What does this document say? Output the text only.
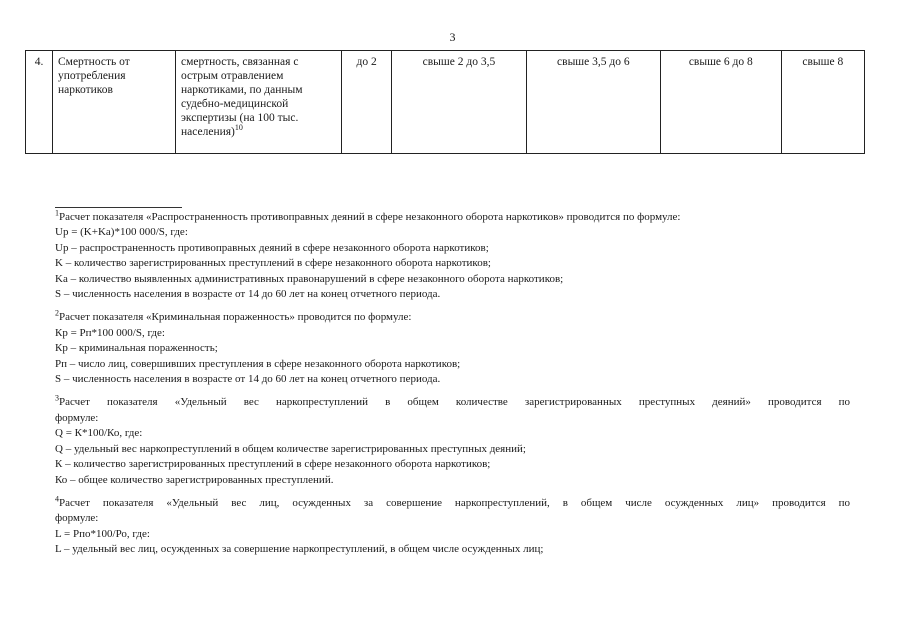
3
4.	Смертность от употребления наркотиков	смертность, связанная с острым отравлением наркотиками, по данным судебно-медицинской экспертизы (на 100 тыс. населения)$^{10}$	до 2	свыше 2 до 3,5	свыше 3,5 до 6	свыше 6 до 8	свыше 8

$^1$Расчет показателя «Распространенность противоправных деяний в сфере незаконного оборота наркотиков» проводится по формуле:

Uр = (K+Ka)*100 000/S, где:

Uр – распространенность противоправных деяний в сфере незаконного оборота наркотиков;

K – количество зарегистрированных преступлений в сфере незаконного оборота наркотиков;

Ka – количество выявленных административных правонарушений в сфере незаконного оборота наркотиков;

S – численность населения в возрасте от 14 до 60 лет на конец отчетного периода.

$^2$Расчет показателя «Криминальная пораженность» проводится по формуле:

Кр = Рп*100 000/S, где:

Кр – криминальная пораженность;

Рп – число лиц, совершивших преступления в сфере незаконного оборота наркотиков;

S – численность населения в возрасте от 14 до 60 лет на конец отчетного периода.

$^3$Расчет показателя «Удельный вес наркопреступлений в общем количестве зарегистрированных преступных деяний» проводится по

формуле:

Q = К*100/Ко, где:

Q – удельный вес наркопреступлений в общем количестве зарегистрированных преступных деяний;

К – количество зарегистрированных преступлений в сфере незаконного оборота наркотиков;

Ко – общее количество зарегистрированных преступлений.

$^4$Расчет показателя «Удельный вес лиц, осужденных за совершение наркопреступлений, в общем числе осужденных лиц» проводится по

формуле:

L = Рпо*100/Ро, где:

L – удельный вес лиц, осужденных за совершение наркопреступлений, в общем числе осужденных лиц;
